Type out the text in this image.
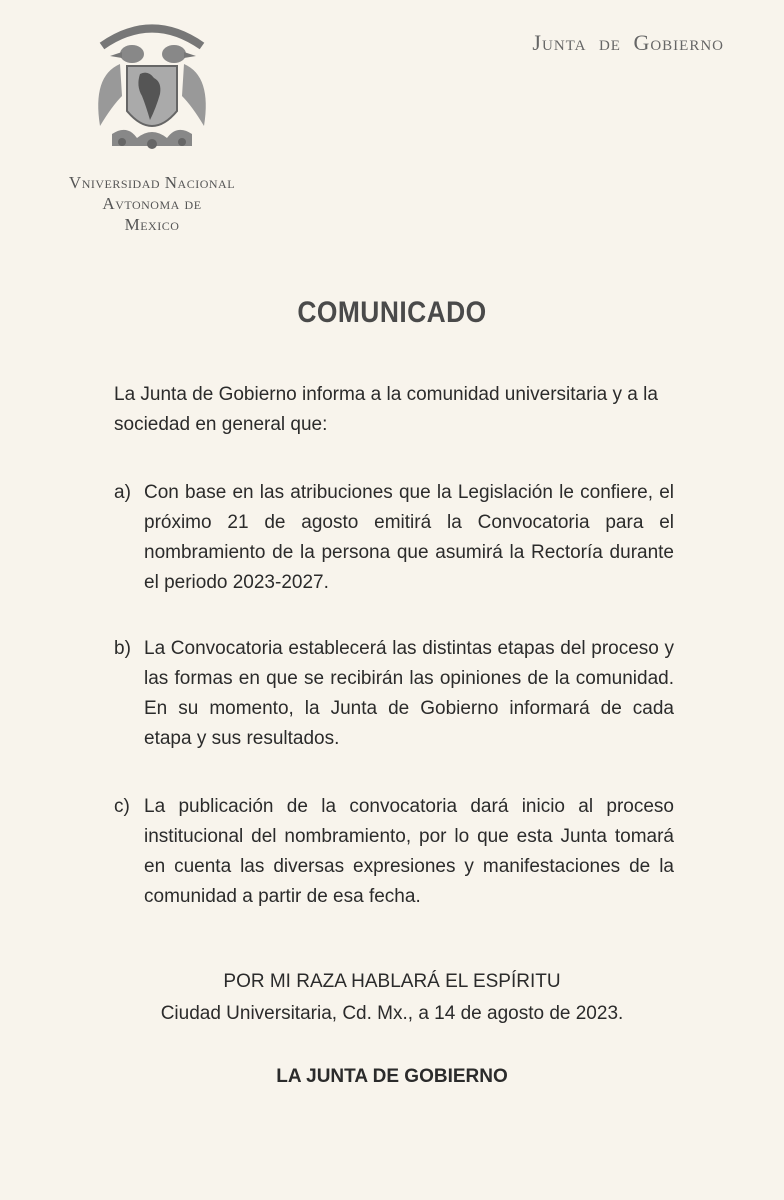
Vniversidad Nacional
Avtonoma de
Mexico
Junta de Gobierno
COMUNICADO
La Junta de Gobierno informa a la comunidad universitaria y a la sociedad en general que:
a) Con base en las atribuciones que la Legislación le confiere, el próximo 21 de agosto emitirá la Convocatoria para el nombramiento de la persona que asumirá la Rectoría durante el periodo 2023-2027.
b) La Convocatoria establecerá las distintas etapas del proceso y las formas en que se recibirán las opiniones de la comunidad. En su momento, la Junta de Gobierno informará de cada etapa y sus resultados.
c) La publicación de la convocatoria dará inicio al proceso institucional del nombramiento, por lo que esta Junta tomará en cuenta las diversas expresiones y manifestaciones de la comunidad a partir de esa fecha.
POR MI RAZA HABLARÁ EL ESPÍRITU
Ciudad Universitaria, Cd. Mx., a 14 de agosto de 2023.
LA JUNTA DE GOBIERNO
